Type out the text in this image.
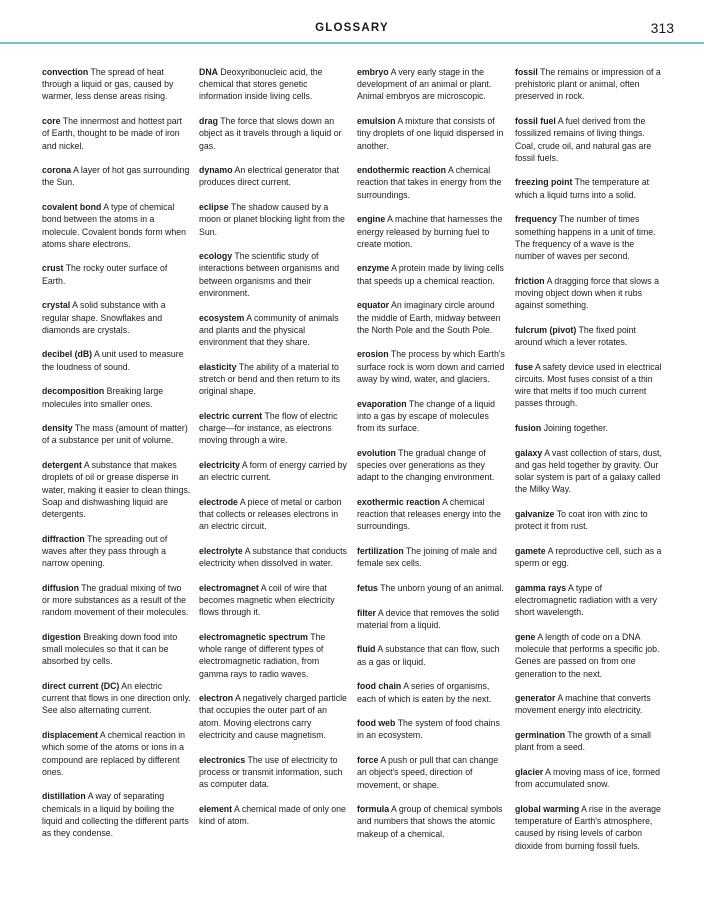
GLOSSARY	313

convection The spread of heat through a liquid or gas, caused by warmer, less dense areas rising.

core The innermost and hottest part of Earth, thought to be made of iron and nickel.

corona A layer of hot gas surrounding the Sun.

covalent bond A type of chemical bond between the atoms in a molecule. Covalent bonds form when atoms share electrons.

crust The rocky outer surface of Earth.

crystal A solid substance with a regular shape. Snowflakes and diamonds are crystals.

decibel (dB) A unit used to measure the loudness of sound.

decomposition Breaking large molecules into smaller ones.

density The mass (amount of matter) of a substance per unit of volume.

detergent A substance that makes droplets of oil or grease disperse in water, making it easier to clean things. Soap and dishwashing liquid are detergents.

diffraction The spreading out of waves after they pass through a narrow opening.

diffusion The gradual mixing of two or more substances as a result of the random movement of their molecules.

digestion Breaking down food into small molecules so that it can be absorbed by cells.

direct current (DC) An electric current that flows in one direction only. See also alternating current.

displacement A chemical reaction in which some of the atoms or ions in a compound are replaced by different ones.

distillation A way of separating chemicals in a liquid by boiling the liquid and collecting the different parts as they condense.

DNA Deoxyribonucleic acid, the chemical that stores genetic information inside living cells.

drag The force that slows down an object as it travels through a liquid or gas.

dynamo An electrical generator that produces direct current.

eclipse The shadow caused by a moon or planet blocking light from the Sun.

ecology The scientific study of interactions between organisms and between organisms and their environment.

ecosystem A community of animals and plants and the physical environment that they share.

elasticity The ability of a material to stretch or bend and then return to its original shape.

electric current The flow of electric charge—for instance, as electrons moving through a wire.

electricity A form of energy carried by an electric current.

electrode A piece of metal or carbon that collects or releases electrons in an electric circuit.

electrolyte A substance that conducts electricity when dissolved in water.

electromagnet A coil of wire that becomes magnetic when electricity flows through it.

electromagnetic spectrum The whole range of different types of electromagnetic radiation, from gamma rays to radio waves.

electron A negatively charged particle that occupies the outer part of an atom. Moving electrons carry electricity and cause magnetism.

electronics The use of electricity to process or transmit information, such as computer data.

element A chemical made of only one kind of atom.

embryo A very early stage in the development of an animal or plant. Animal embryos are microscopic.

emulsion A mixture that consists of tiny droplets of one liquid dispersed in another.

endothermic reaction A chemical reaction that takes in energy from the surroundings.

engine A machine that harnesses the energy released by burning fuel to create motion.

enzyme A protein made by living cells that speeds up a chemical reaction.

equator An imaginary circle around the middle of Earth, midway between the North Pole and the South Pole.

erosion The process by which Earth's surface rock is worn down and carried away by wind, water, and glaciers.

evaporation The change of a liquid into a gas by escape of molecules from its surface.

evolution The gradual change of species over generations as they adapt to the changing environment.

exothermic reaction A chemical reaction that releases energy into the surroundings.

fertilization The joining of male and female sex cells.

fetus The unborn young of an animal.

filter A device that removes the solid material from a liquid.

fluid A substance that can flow, such as a gas or liquid.

food chain A series of organisms, each of which is eaten by the next.

food web The system of food chains in an ecosystem.

force A push or pull that can change an object's speed, direction of movement, or shape.

formula A group of chemical symbols and numbers that shows the atomic makeup of a chemical.

fossil The remains or impression of a prehistoric plant or animal, often preserved in rock.

fossil fuel A fuel derived from the fossilized remains of living things. Coal, crude oil, and natural gas are fossil fuels.

freezing point The temperature at which a liquid turns into a solid.

frequency The number of times something happens in a unit of time. The frequency of a wave is the number of waves per second.

friction A dragging force that slows a moving object down when it rubs against something.

fulcrum (pivot) The fixed point around which a lever rotates.

fuse A safety device used in electrical circuits. Most fuses consist of a thin wire that melts if too much current passes through.

fusion Joining together.

galaxy A vast collection of stars, dust, and gas held together by gravity. Our solar system is part of a galaxy called the Milky Way.

galvanize To coat iron with zinc to protect it from rust.

gamete A reproductive cell, such as a sperm or egg.

gamma rays A type of electromagnetic radiation with a very short wavelength.

gene A length of code on a DNA molecule that performs a specific job. Genes are passed on from one generation to the next.

generator A machine that converts movement energy into electricity.

germination The growth of a small plant from a seed.

glacier A moving mass of ice, formed from accumulated snow.

global warming A rise in the average temperature of Earth's atmosphere, caused by rising levels of carbon dioxide from burning fossil fuels.
